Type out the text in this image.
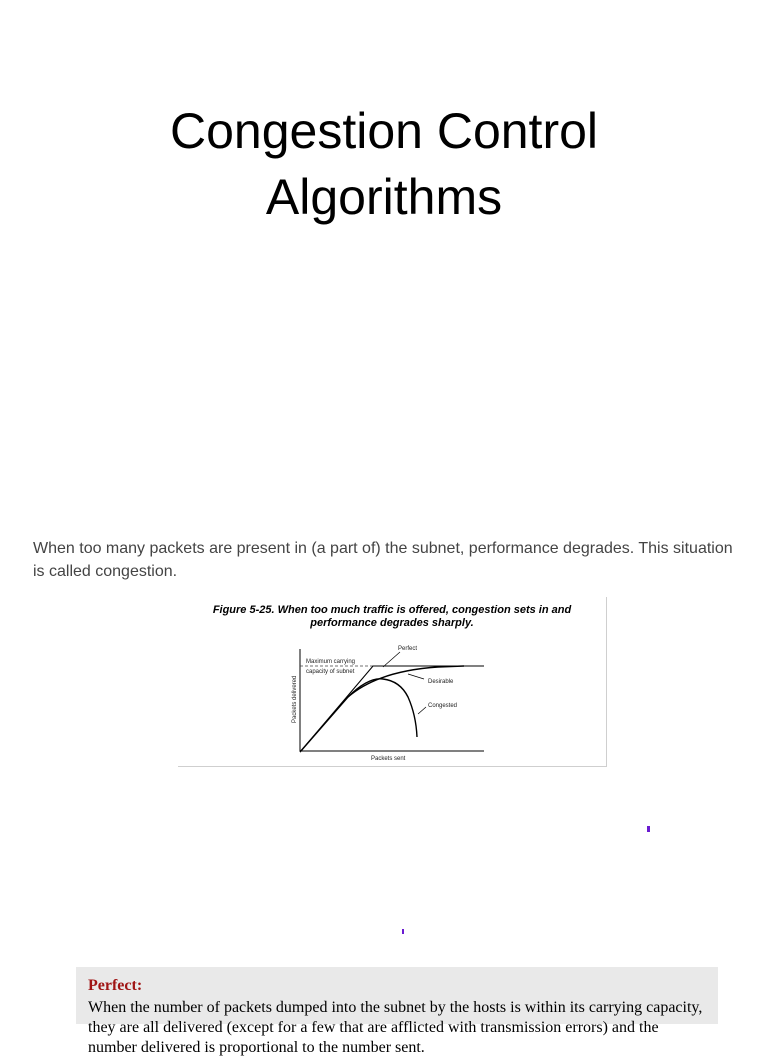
Congestion Control
Algorithms
When too many packets are present in (a part of) the subnet, performance degrades. This situation is called congestion.
Figure 5-25. When too much traffic is offered, congestion sets in and
performance degrades sharply.
Perfect
Maximum carrying
capacity of subnet
Desirable
Congested
Packets sent
Packets delivered
Perfect:
When the number of packets dumped into the subnet by the hosts is within its carrying capacity, they are all delivered (except for a few that are afflicted with transmission errors) and the number delivered is proportional to the number sent.
